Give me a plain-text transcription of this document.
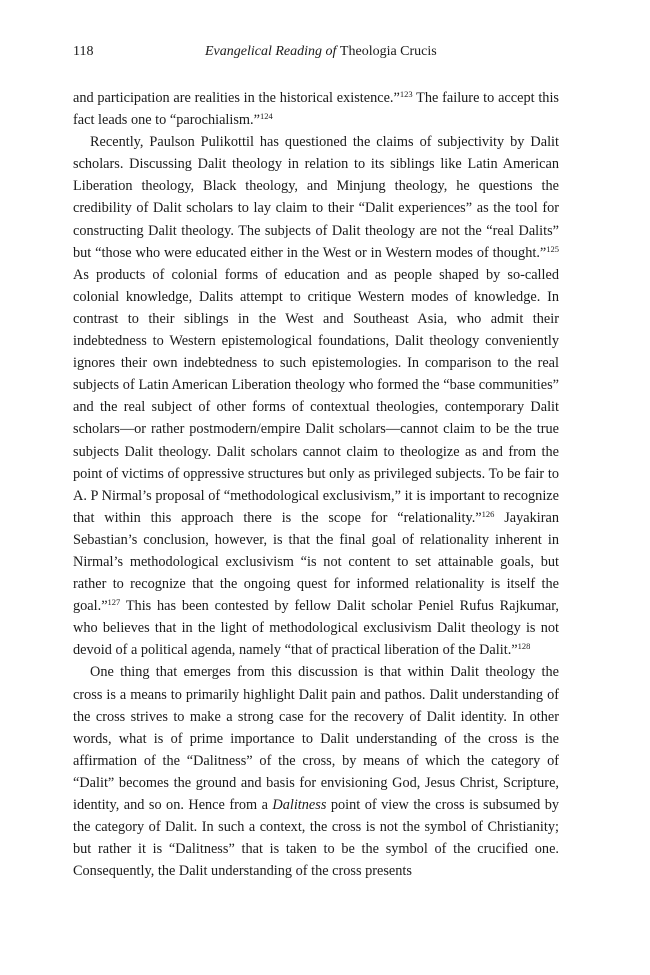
118	Evangelical Reading of Theologia Crucis

and participation are realities in the historical existence.”$^{123}$ The failure to accept this fact leads one to “parochialism.”$^{124}$

Recently, Paulson Pulikottil has questioned the claims of subjectivity by Dalit scholars. Discussing Dalit theology in relation to its siblings like Latin American Liberation theology, Black theology, and Minjung theology, he questions the credibility of Dalit scholars to lay claim to their “Dalit experiences” as the tool for constructing Dalit theology. The subjects of Dalit theology are not the “real Dalits” but “those who were educated either in the West or in Western modes of thought.”$^{125}$ As products of colonial forms of education and as people shaped by so-called colonial knowledge, Dalits attempt to critique Western modes of knowledge. In contrast to their siblings in the West and Southeast Asia, who admit their indebtedness to Western epistemological foundations, Dalit theology conveniently ignores their own indebtedness to such epistemologies. In comparison to the real subjects of Latin American Liberation theology who formed the “base communities” and the real subject of other forms of contextual theologies, contemporary Dalit scholars—or rather postmodern/empire Dalit scholars—cannot claim to be the true subjects Dalit theology. Dalit scholars cannot claim to theologize as and from the point of victims of oppressive structures but only as privileged subjects. To be fair to A. P Nirmal’s proposal of “methodological exclusivism,” it is important to recognize that within this approach there is the scope for “relationality.”$^{126}$ Jayakiran Sebastian’s conclusion, however, is that the final goal of relationality inherent in Nirmal’s methodological exclusivism “is not content to set attainable goals, but rather to recognize that the ongoing quest for informed relationality is itself the goal.”$^{127}$ This has been contested by fellow Dalit scholar Peniel Rufus Rajkumar, who believes that in the light of methodological exclusivism Dalit theology is not devoid of a political agenda, namely “that of practical liberation of the Dalit.”$^{128}$

One thing that emerges from this discussion is that within Dalit theology the cross is a means to primarily highlight Dalit pain and pathos. Dalit understanding of the cross strives to make a strong case for the recovery of Dalit identity. In other words, what is of prime importance to Dalit understanding of the cross is the affirmation of the “Dalitness” of the cross, by means of which the category of “Dalit” becomes the ground and basis for envisioning God, Jesus Christ, Scripture, identity, and so on. Hence from a Dalitness point of view the cross is subsumed by the category of Dalit. In such a context, the cross is not the symbol of Christianity; but rather it is “Dalitness” that is taken to be the symbol of the crucified one. Consequently, the Dalit understanding of the cross presents
